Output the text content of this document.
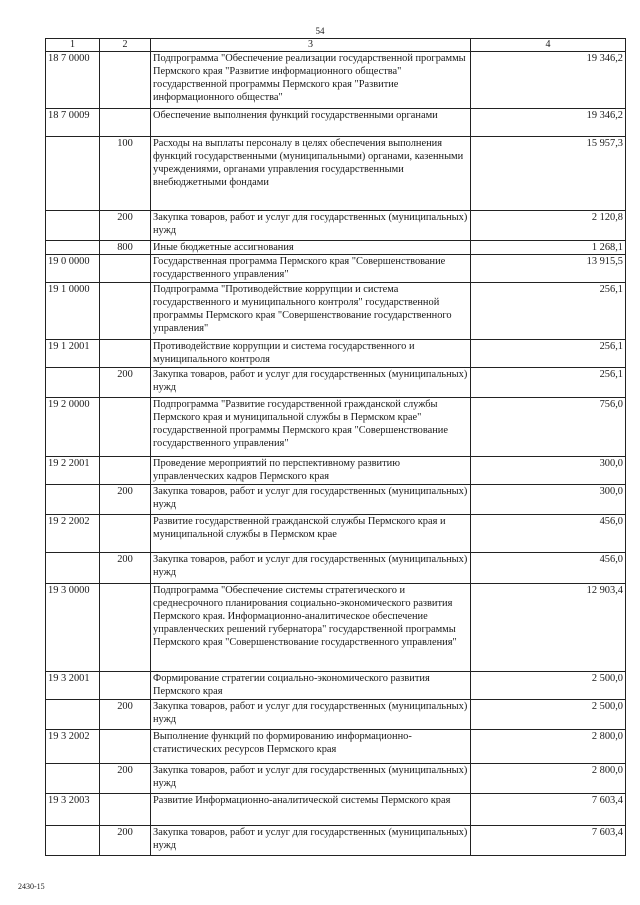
54
1	2	3	4
18 7 0000		Подпрограмма "Обеспечение реализации государственной программы Пермского края "Развитие информационного общества" государственной программы Пермского края "Развитие информационного общества"	19 346,2
18 7 0009		Обеспечение выполнения функций государственными органами	19 346,2
	100	Расходы на выплаты персоналу в целях обеспечения выполнения функций государственными (муниципальными) органами, казенными учреждениями, органами управления государственными внебюджетными фондами	15 957,3
	200	Закупка товаров, работ и услуг для государственных (муниципальных) нужд	2 120,8
	800	Иные бюджетные ассигнования	1 268,1
19 0 0000		Государственная программа Пермского края "Совершенствование государственного управления"	13 915,5
19 1 0000		Подпрограмма "Противодействие коррупции и система государственного и муниципального контроля" государственной программы Пермского края "Совершенствование государственного управления"	256,1
19 1 2001		Противодействие коррупции и система государственного и муниципального контроля	256,1
	200	Закупка товаров, работ и услуг для государственных (муниципальных) нужд	256,1
19 2 0000		Подпрограмма "Развитие государственной гражданской службы Пермского края и муниципальной службы в Пермском крае" государственной программы Пермского края "Совершенствование государственного управления"	756,0
19 2 2001		Проведение мероприятий по перспективному развитию управленческих кадров Пермского края	300,0
	200	Закупка товаров, работ и услуг для государственных (муниципальных) нужд	300,0
19 2 2002		Развитие государственной гражданской службы Пермского края и муниципальной службы в Пермском крае	456,0
	200	Закупка товаров, работ и услуг для государственных (муниципальных) нужд	456,0
19 3 0000		Подпрограмма "Обеспечение системы стратегического и среднесрочного планирования социально-экономического развития Пермского края. Информационно-аналитическое обеспечение управленческих решений губернатора" государственной программы Пермского края "Совершенствование государственного управления"	12 903,4
19 3 2001		Формирование стратегии социально-экономического развития Пермского края	2 500,0
	200	Закупка товаров, работ и услуг для государственных (муниципальных) нужд	2 500,0
19 3 2002		Выполнение функций по формированию информационно-статистических ресурсов Пермского края	2 800,0
	200	Закупка товаров, работ и услуг для государственных (муниципальных) нужд	2 800,0
19 3 2003		Развитие Информационно-аналитической системы Пермского края	7 603,4
	200	Закупка товаров, работ и услуг для государственных (муниципальных) нужд	7 603,4
2430-15
